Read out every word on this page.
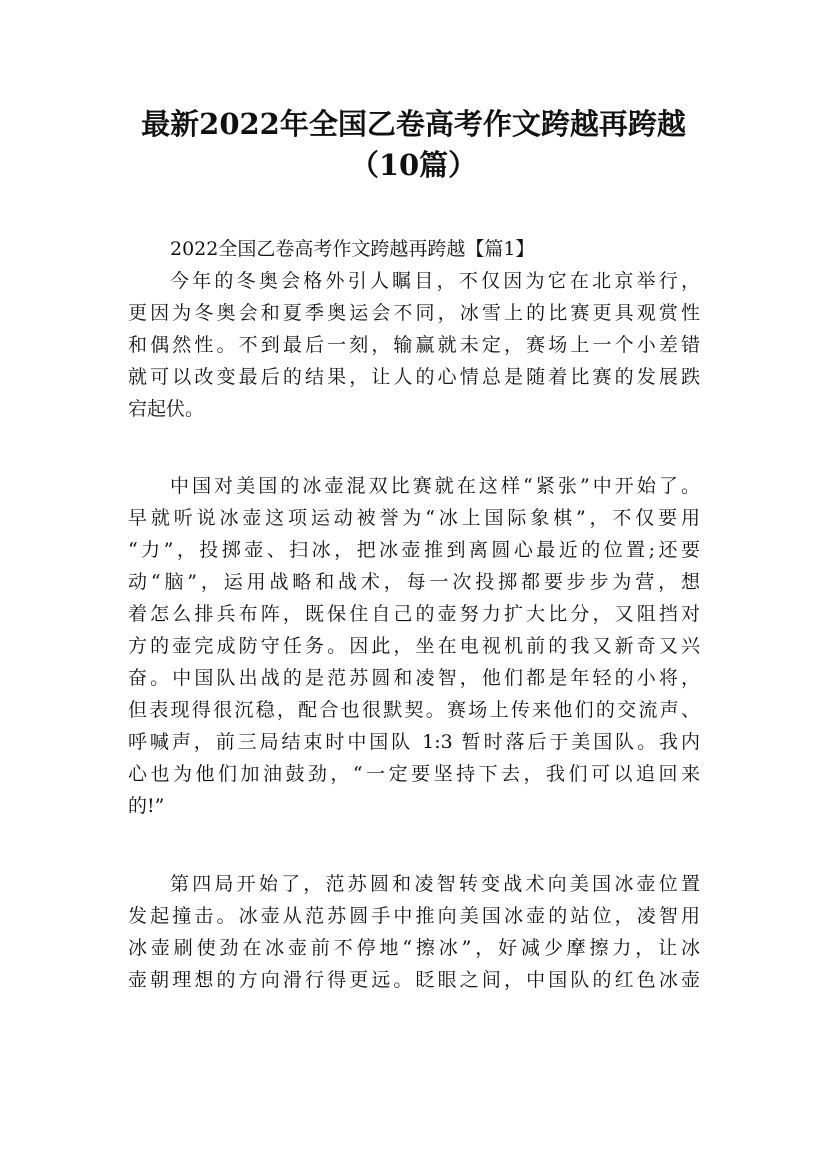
最新2022年全国乙卷高考作文跨越再跨越
（10篇）

2022全国乙卷高考作文跨越再跨越【篇1】

今年的冬奥会格外引人瞩目，不仅因为它在北京举行，

更因为冬奥会和夏季奥运会不同，冰雪上的比赛更具观赏性

和偶然性。不到最后一刻，输赢就未定，赛场上一个小差错

就可以改变最后的结果，让人的心情总是随着比赛的发展跌

宕起伏。

中国对美国的冰壶混双比赛就在这样“紧张”中开始了。

早就听说冰壶这项运动被誉为“冰上国际象棋”，不仅要用

“力”，投掷壶、扫冰，把冰壶推到离圆心最近的位置;还要

动“脑”，运用战略和战术，每一次投掷都要步步为营，想

着怎么排兵布阵，既保住自己的壶努力扩大比分，又阻挡对

方的壶完成防守任务。因此，坐在电视机前的我又新奇又兴

奋。中国队出战的是范苏圆和凌智，他们都是年轻的小将，

但表现得很沉稳，配合也很默契。赛场上传来他们的交流声、

呼喊声，前三局结束时中国队 1:3 暂时落后于美国队。我内

心也为他们加油鼓劲，“一定要坚持下去，我们可以追回来

的!”

第四局开始了，范苏圆和凌智转变战术向美国冰壶位置

发起撞击。冰壶从范苏圆手中推向美国冰壶的站位，凌智用

冰壶刷使劲在冰壶前不停地“擦冰”，好减少摩擦力，让冰

壶朝理想的方向滑行得更远。眨眼之间，中国队的红色冰壶
